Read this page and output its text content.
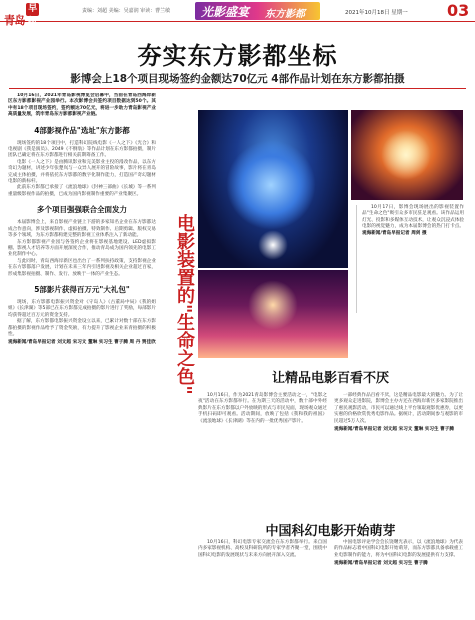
青岛早报
责编：刘超 美编：吴嘉润 审读：曹兰敏	光影盛宴 东方影都	2021年10月18日 星期一 03
夯实东方影都坐标
影博会上18个项目现场签约金额达70亿元 4部作品计划在东方影都拍摄

10月16日，2021年青岛影视博览会启幕中，当前在青岛西海岸新区东方影都影视产业园举行。本次影博会共签约项目数据达到50个。其中有18个项目现场签约，签约额达70亿元，将进一步助力青岛影视产业高质量发展，筑牢青岛东方影都影视产业链。

4部影视作品"选址"东方影都

现场签约的18个项目中，打造科幻院线电影《一人之下》《光合》和电视剧《我是演员》、2049《不倒翁》等作品计划在东方影都拍摄，制片团队已确定将在东方影都进行相关前期筹备工作。

电影《一人之下》是由腾讯影业和完美影业主投的漫改作品，以东方奇幻为题材，讲述少年张楚岚与一众异人展开的冒险故事，影片将在青岛完成主体拍摄，并将依托东方影都的数字化制作能力，打造国产奇幻题材电影的新标杆。

此前东方影都已承接了《流浪地球》《封神三部曲》《长城》等一系列重量级影视作品的拍摄，已成为国内影视制作重要的产业集聚区。

多个项目强强联合全面发力

本届影博会上，来自影视产业链上下游的多家知名企业在东方影都达成合作意向，涉及影视制作、虚拟拍摄、特效制作、后期剪辑、版权交易等多个领域，为东方影都构建完整的影视工业体系注入了新动能。

东方影都影视产业园与各签约企业将在影视基地建设、LED虚拟影棚、影视人才培养等方面开展深度合作，推动青岛成为国内领先的电影工业化制作中心。

与此同时，青岛西海岸新区也出台了一系列扶持政策，支持影视企业在东方影都落户发展，计划在未来三年内引进影视及相关企业超过百家，形成集影视拍摄、制作、发行、放映于一体的产业生态。

5部影片获得百万元"大礼包"

现场，东方影都电影振兴资金对《守岛人》《古董局中局》《我的姐姐》《长津湖》等5部已在东方影都完成拍摄的影片进行了奖励，每部影片均获得超过百万元的资金支持。

据了解，东方影都电影振兴资金设立以来，已累计对数十部在东方影都拍摄的影视作品给予了资金奖励，有力提升了影视企业来青拍摄的积极性。

观海新闻/青岛早报记者 刘文超 宋习文 董琳 实习生 曹子腾 周 丹 贾佳欣	电影装置的"生命之色"
10月17日，影博会现场展出的影视装置作品"生命之色"吸引众多市民驻足观看。该作品运用灯光、投影和多媒体互动技术，让观众沉浸式体验电影的视觉魅力，成为本届影博会的热门打卡点。 观海新闻/青岛早报记者 周剑 摄
让精品电影百看不厌

10月16日，作为2021青岛影博会主要活动之一，"电影之夜"活动在东方影都举行。在为期三天的活动中，数十部中外经典影片在东方影都以户外放映的形式与市民见面，现场观众通过手机扫码即可观看。活动期间，放映了包括《我和我的祖国》《流浪地球》《长津湖》等在内的一批优秀国产影片。

一部经典作品百看不厌，这是精品电影最大的魅力。为了让更多观众走进影院，影博会主办方还在西海岸新区多家影院推出了惠民观影活动，市民可以通过线上平台领取观影优惠券，以更实惠的价格欣赏优秀电影作品。据统计，活动期间参与观影的市民超过5万人次。

观海新闻/青岛早报记者 刘文超 宋习文 董琳 实习生 曹子腾
中国科幻电影开始萌芽

10月16日，科幻电影专家交流会在东方影都举行。来自国内多家影视机构、高校及科研院所的专家学者齐聚一堂，围绕中国科幻电影的发展现状与未来方向展开深入交流。

中国电影评论学会会长饶曙光表示，以《流浪地球》为代表的作品标志着中国科幻电影开始萌芽，而东方影都具备承载重工业电影制作的能力，将为中国科幻电影的发展提供有力支撑。

观海新闻/青岛早报记者 刘文超 实习生 曹子腾
